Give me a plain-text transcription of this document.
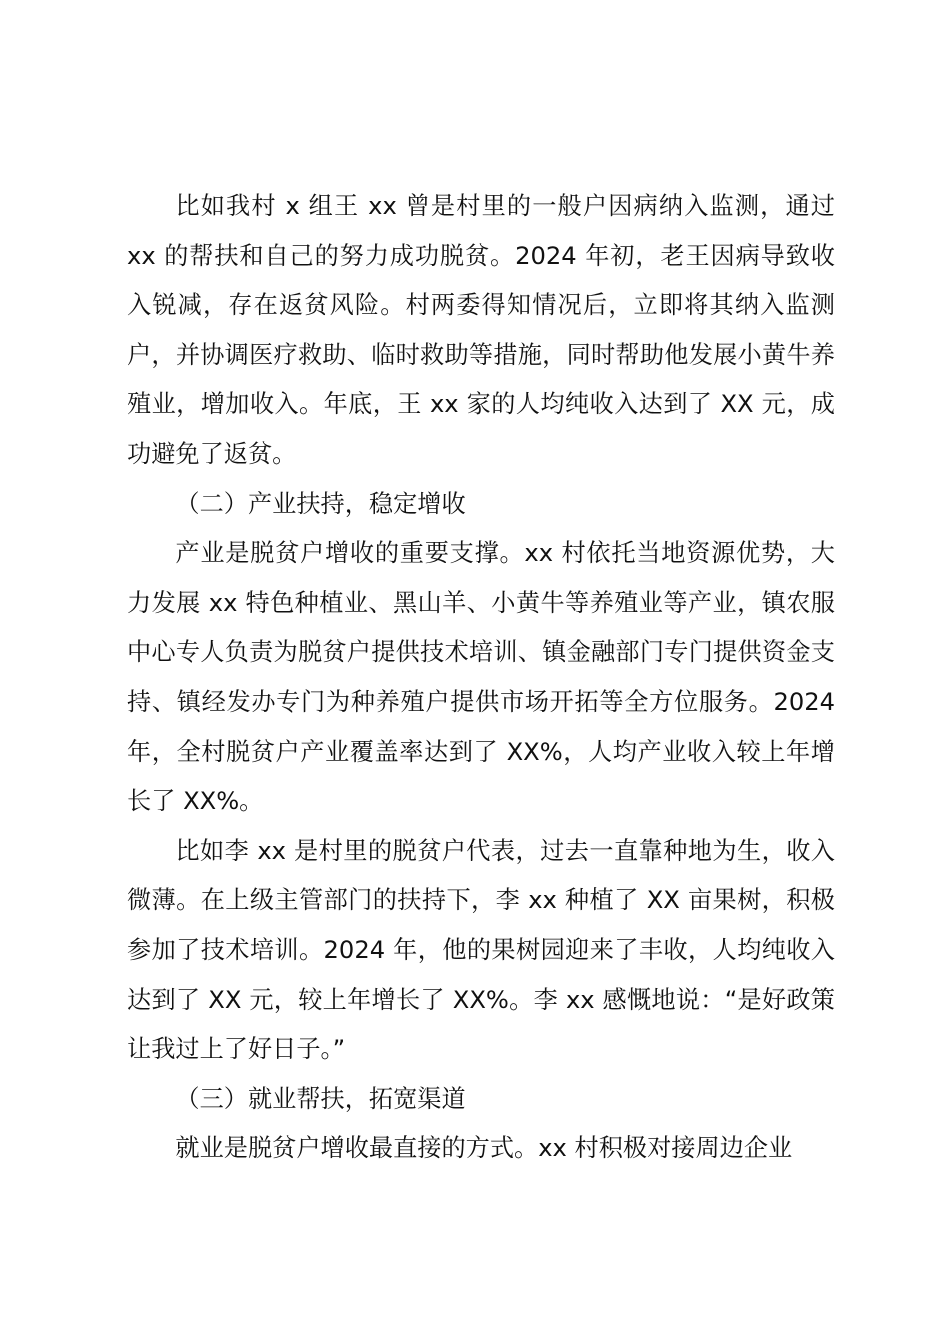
比如我村 x 组王 xx 曾是村里的一般户因病纳入监测，通过 xx 的帮扶和自己的努力成功脱贫。2024 年初，老王因病导致收入锐减，存在返贫风险。村两委得知情况后，立即将其纳入监测户，并协调医疗救助、临时救助等措施，同时帮助他发展小黄牛养殖业，增加收入。年底，王 xx 家的人均纯收入达到了 XX 元，成功避免了返贫。

（二）产业扶持，稳定增收

产业是脱贫户增收的重要支撑。xx 村依托当地资源优势，大力发展 xx 特色种植业、黑山羊、小黄牛等养殖业等产业，镇农服中心专人负责为脱贫户提供技术培训、镇金融部门专门提供资金支持、镇经发办专门为种养殖户提供市场开拓等全方位服务。2024 年，全村脱贫户产业覆盖率达到了 XX%，人均产业收入较上年增长了 XX%。

比如李 xx 是村里的脱贫户代表，过去一直靠种地为生，收入微薄。在上级主管部门的扶持下，李 xx 种植了 XX 亩果树，积极参加了技术培训。2024 年，他的果树园迎来了丰收，人均纯收入达到了 XX 元，较上年增长了 XX%。李 xx 感慨地说：“是好政策让我过上了好日子。”

（三）就业帮扶，拓宽渠道

就业是脱贫户增收最直接的方式。xx 村积极对接周边企业
